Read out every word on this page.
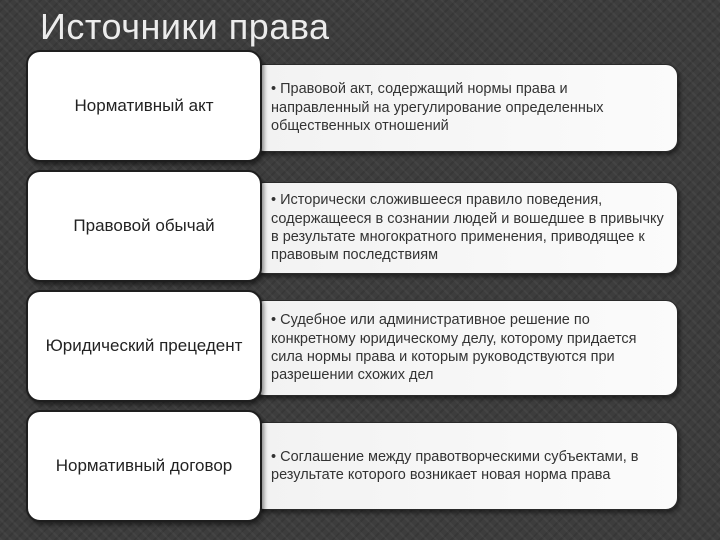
Источники права
Нормативный акт
• Правовой акт, содержащий нормы права и направленный на урегулирование определенных общественных отношений
Правовой обычай
• Исторически сложившееся правило поведения, содержащееся в сознании людей и вошедшее в привычку в результате многократного применения, приводящее к правовым последствиям
Юридический прецедент
• Судебное или административное решение по конкретному юридическому делу, которому придается сила нормы права и которым руководствуются при разрешении схожих дел
Нормативный договор	• Соглашение между правотворческими субъектами, в результате которого возникает новая норма права
